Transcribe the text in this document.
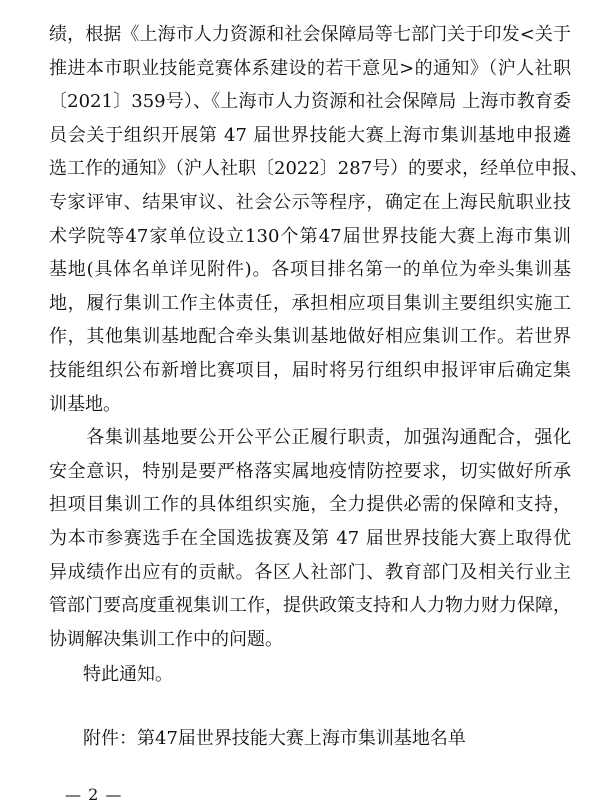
绩，根据《上海市人力资源和社会保障局等七部门关于印发<关于
推进本市职业技能竞赛体系建设的若干意见>的通知》（沪人社职
〔2021〕359号）、《上海市人力资源和社会保障局 上海市教育委
员会关于组织开展第 47 届世界技能大赛上海市集训基地申报遴
选工作的通知》（沪人社职〔2022〕287号）的要求，经单位申报、
专家评审、结果审议、社会公示等程序，确定在上海民航职业技
术学院等47家单位设立130个第47届世界技能大赛上海市集训
基地(具体名单详见附件)。各项目排名第一的单位为牵头集训基
地，履行集训工作主体责任，承担相应项目集训主要组织实施工
作，其他集训基地配合牵头集训基地做好相应集训工作。若世界
技能组织公布新增比赛项目，届时将另行组织申报评审后确定集
训基地。
　　各集训基地要公开公平公正履行职责，加强沟通配合，强化
安全意识，特别是要严格落实属地疫情防控要求，切实做好所承
担项目集训工作的具体组织实施，全力提供必需的保障和支持，
为本市参赛选手在全国选拔赛及第 47 届世界技能大赛上取得优
异成绩作出应有的贡献。各区人社部门、教育部门及相关行业主
管部门要高度重视集训工作，提供政策支持和人力物力财力保障，
协调解决集训工作中的问题。
特此通知。
附件：第47届世界技能大赛上海市集训基地名单
— 2 —
